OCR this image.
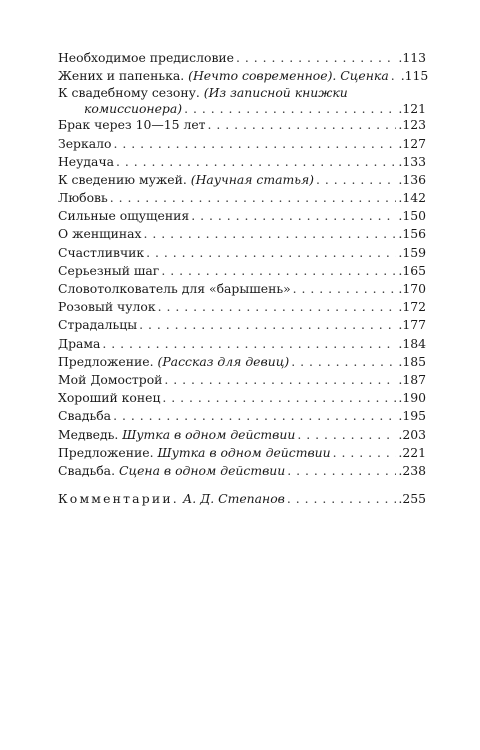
Необходимое предисловие . . .	.113
Жених и папенька. (Нечто современное). Сценка . . . .115
К свадебному сезону. (Из записной книжки
комиссионера) . . .	.121
Брак через 10—15 лет . . .	.123
Зеркало . . .	.127
Неудача . . .	.133
К сведению мужей. (Научная статья) . . .	.136
Любовь . . .	.142
Сильные ощущения . . .	.150
О женщинах . . .	.156
Счастливчик . . .	.159
Серьезный шаг . . .	.165
Словотолкователь для «барышень» . . .	.170
Розовый чулок . . .	.172
Страдальцы . . .	.177
Драма . . .	.184
Предложение. (Рассказ для девиц) . . .	.185
Мой Домострой . . .	.187
Хороший конец . . .	.190
Свадьба . . .	.195
Медведь. Шутка в одном действии . . .	.203
Предложение. Шутка в одном действии . . .	.221
Свадьба. Сцена в одном действии . . .	.238
Комментарии. А. Д. Степанов . . .	.255
